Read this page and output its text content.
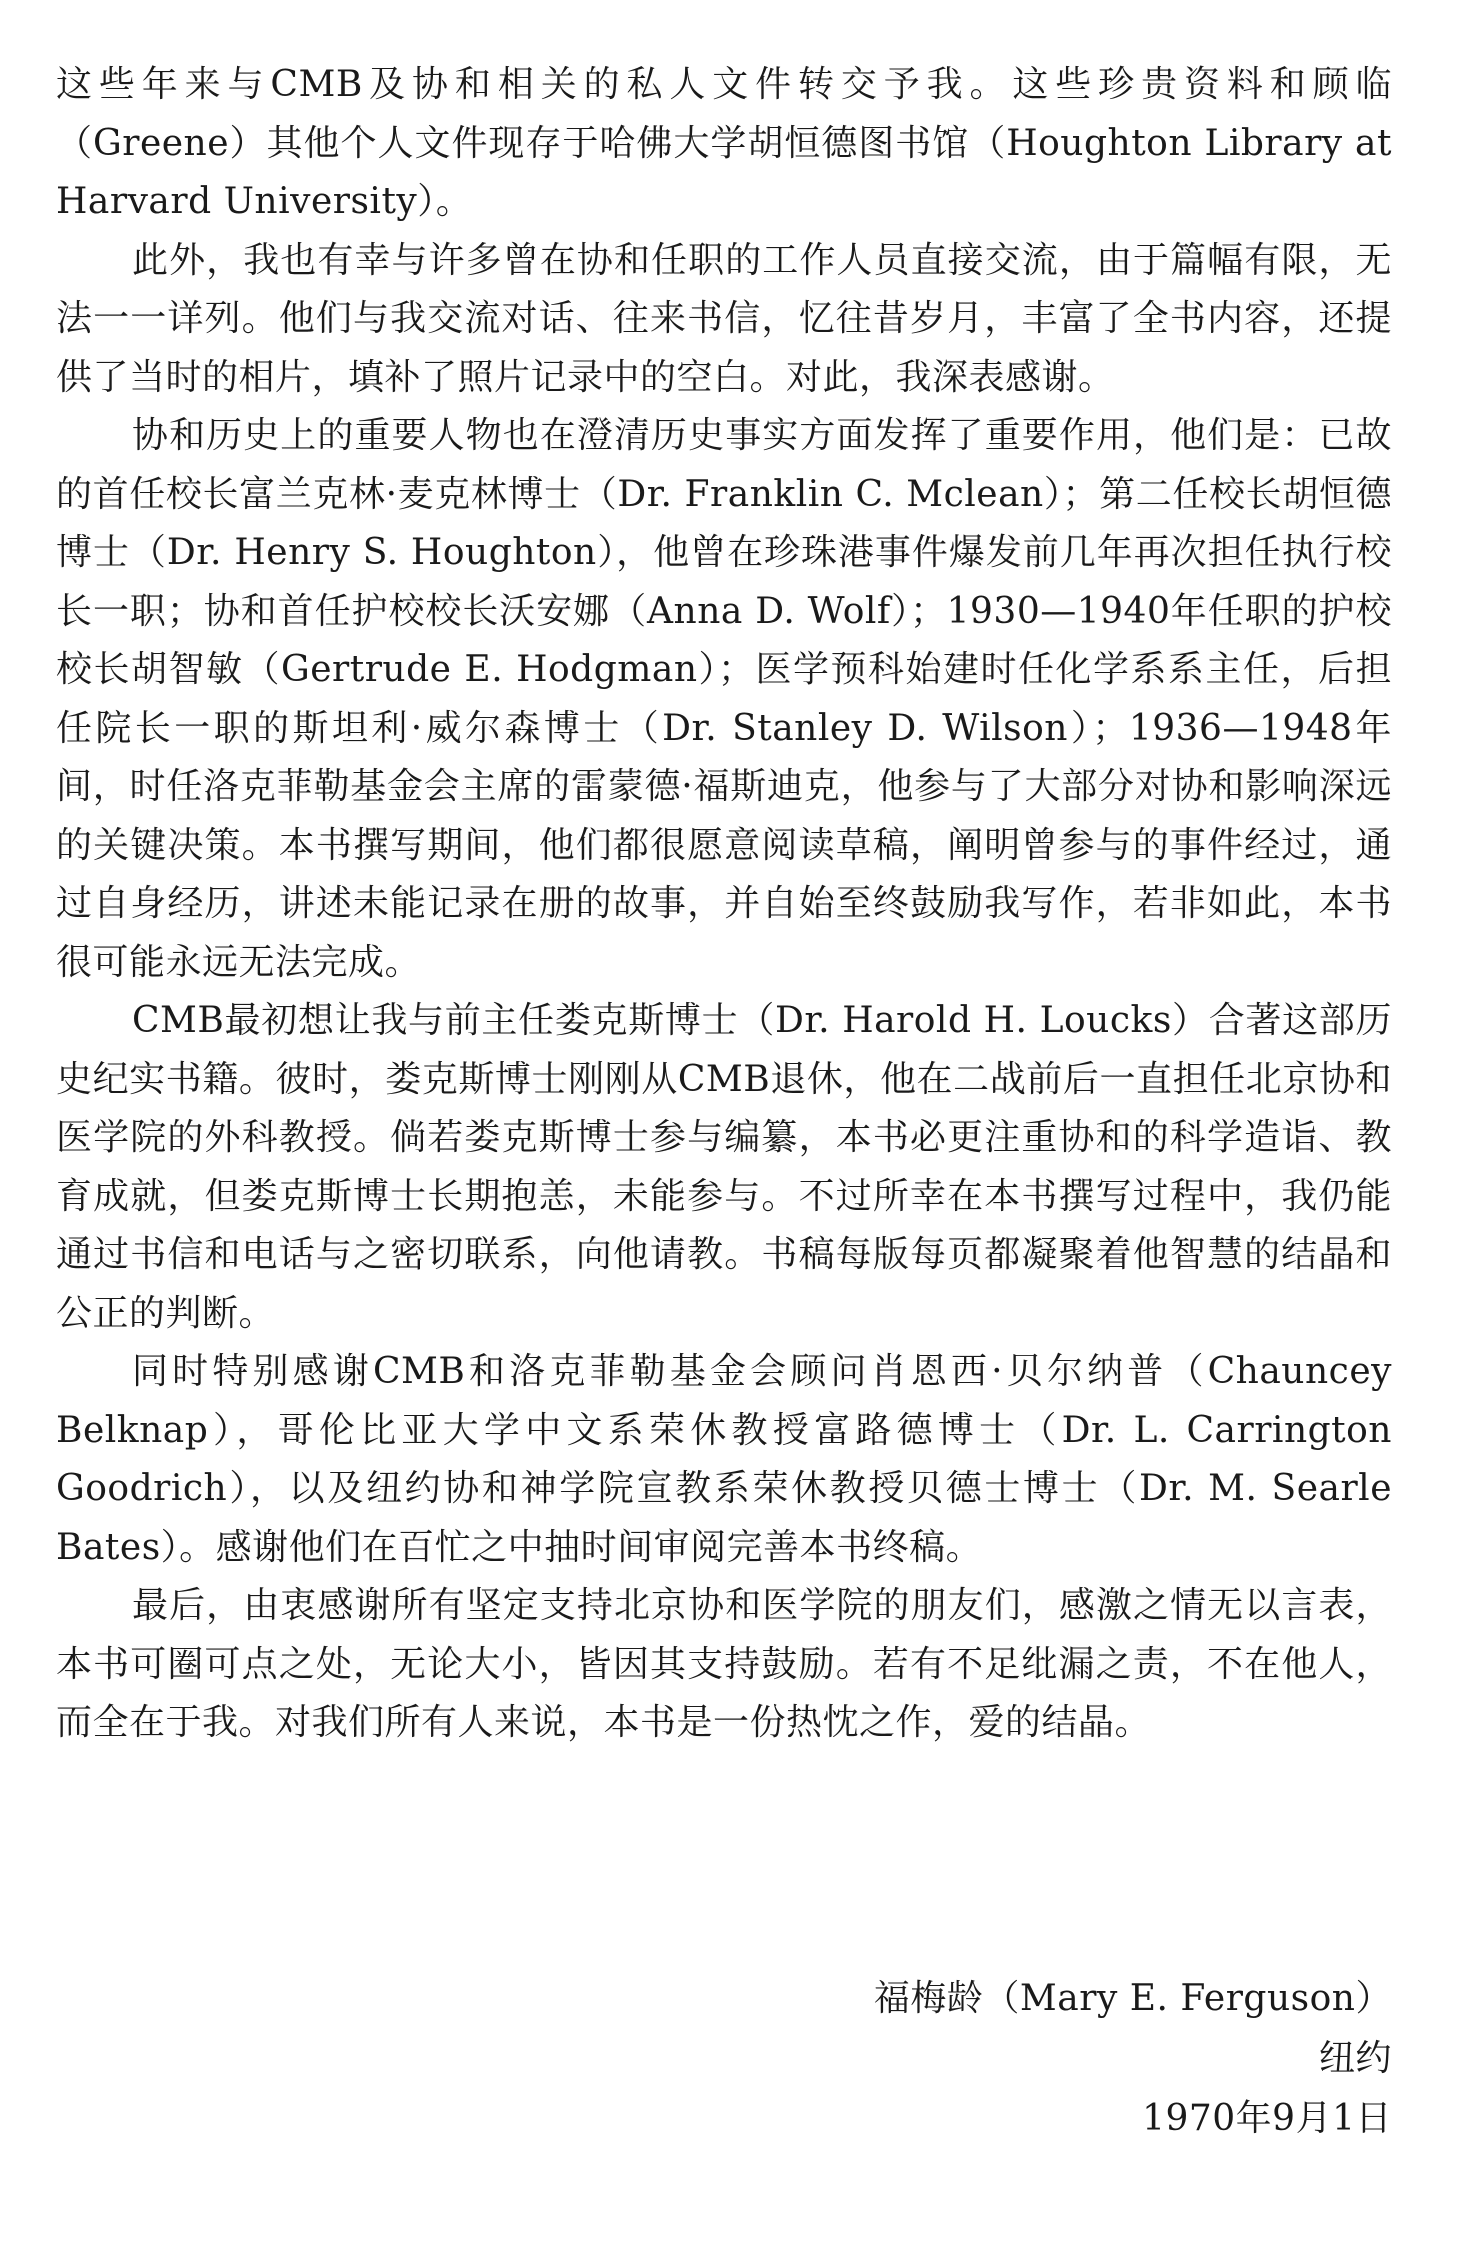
这些年来与CMB及协和相关的私人文件转交予我。这些珍贵资料和顾临（Greene）其他个人文件现存于哈佛大学胡恒德图书馆（Houghton Library at Harvard University）。

此外，我也有幸与许多曾在协和任职的工作人员直接交流，由于篇幅有限，无法一一详列。他们与我交流对话、往来书信，忆往昔岁月，丰富了全书内容，还提供了当时的相片，填补了照片记录中的空白。对此，我深表感谢。

协和历史上的重要人物也在澄清历史事实方面发挥了重要作用，他们是：已故的首任校长富兰克林·麦克林博士（Dr. Franklin C. Mclean）；第二任校长胡恒德博士（Dr. Henry S. Houghton），他曾在珍珠港事件爆发前几年再次担任执行校长一职；协和首任护校校长沃安娜（Anna D. Wolf）；1930—1940年任职的护校校长胡智敏（Gertrude E. Hodgman）；医学预科始建时任化学系系主任，后担任院长一职的斯坦利·威尔森博士（Dr. Stanley D. Wilson）；1936—1948年间，时任洛克菲勒基金会主席的雷蒙德·福斯迪克，他参与了大部分对协和影响深远的关键决策。本书撰写期间，他们都很愿意阅读草稿，阐明曾参与的事件经过，通过自身经历，讲述未能记录在册的故事，并自始至终鼓励我写作，若非如此，本书很可能永远无法完成。

CMB最初想让我与前主任娄克斯博士（Dr. Harold H. Loucks）合著这部历史纪实书籍。彼时，娄克斯博士刚刚从CMB退休，他在二战前后一直担任北京协和医学院的外科教授。倘若娄克斯博士参与编纂，本书必更注重协和的科学造诣、教育成就，但娄克斯博士长期抱恙，未能参与。不过所幸在本书撰写过程中，我仍能通过书信和电话与之密切联系，向他请教。书稿每版每页都凝聚着他智慧的结晶和公正的判断。

同时特别感谢CMB和洛克菲勒基金会顾问肖恩西·贝尔纳普（Chauncey Belknap），哥伦比亚大学中文系荣休教授富路德博士（Dr. L. Carrington Goodrich），以及纽约协和神学院宣教系荣休教授贝德士博士（Dr. M. Searle Bates）。感谢他们在百忙之中抽时间审阅完善本书终稿。

最后，由衷感谢所有坚定支持北京协和医学院的朋友们，感激之情无以言表，本书可圈可点之处，无论大小，皆因其支持鼓励。若有不足纰漏之责，不在他人，而全在于我。对我们所有人来说，本书是一份热忱之作，爱的结晶。

福梅龄（Mary E. Ferguson）

纽约

1970年9月1日
